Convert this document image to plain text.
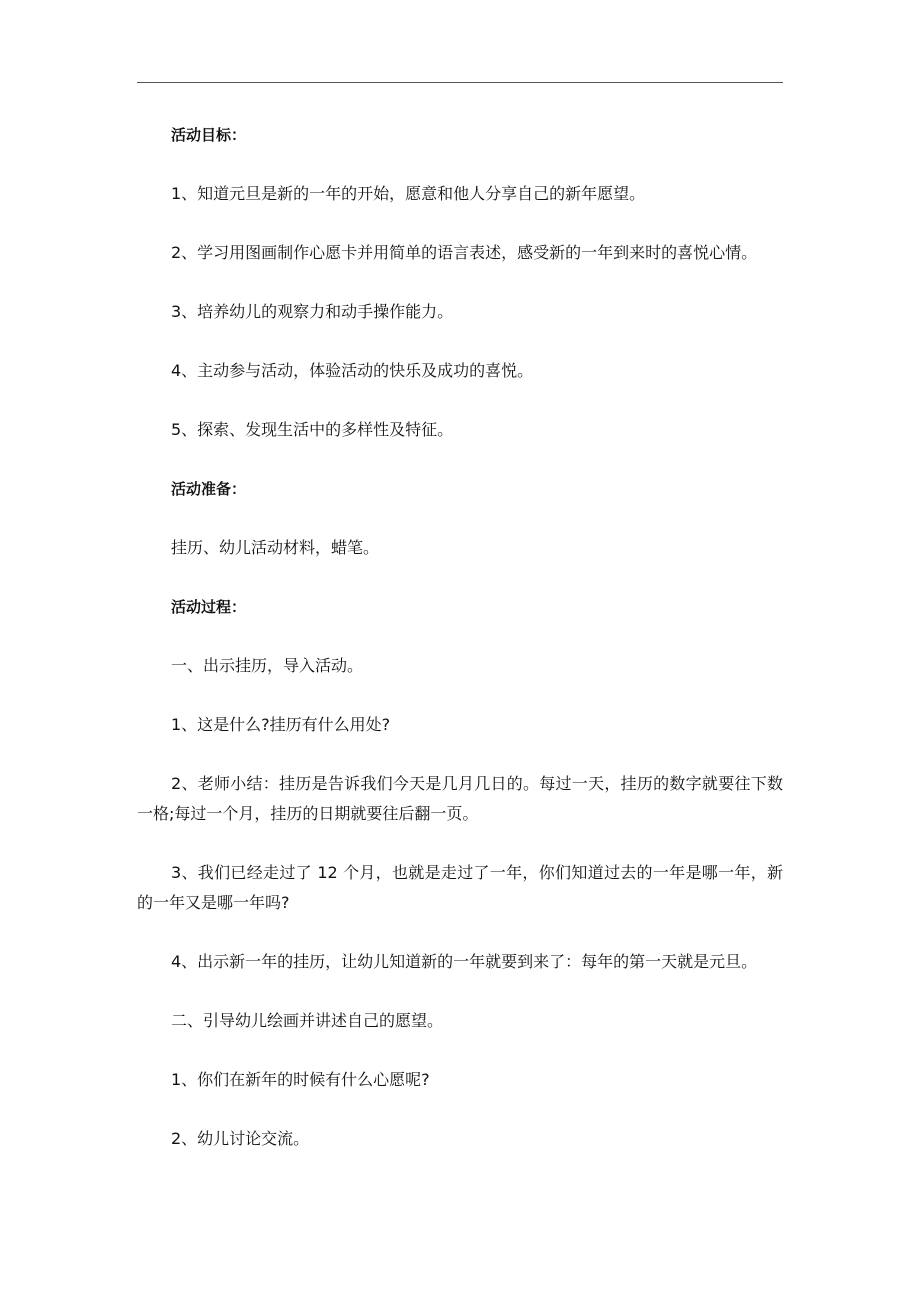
活动目标：

1、知道元旦是新的一年的开始，愿意和他人分享自己的新年愿望。

2、学习用图画制作心愿卡并用简单的语言表述，感受新的一年到来时的喜悦心情。

3、培养幼儿的观察力和动手操作能力。

4、主动参与活动，体验活动的快乐及成功的喜悦。

5、探索、发现生活中的多样性及特征。

活动准备：

挂历、幼儿活动材料，蜡笔。

活动过程：

一、出示挂历，导入活动。

1、这是什么?挂历有什么用处?

2、老师小结：挂历是告诉我们今天是几月几日的。每过一天，挂历的数字就要往下数一格;每过一个月，挂历的日期就要往后翻一页。

3、我们已经走过了 12 个月，也就是走过了一年，你们知道过去的一年是哪一年，新的一年又是哪一年吗?

4、出示新一年的挂历，让幼儿知道新的一年就要到来了：每年的第一天就是元旦。

二、引导幼儿绘画并讲述自己的愿望。

1、你们在新年的时候有什么心愿呢?

2、幼儿讨论交流。
